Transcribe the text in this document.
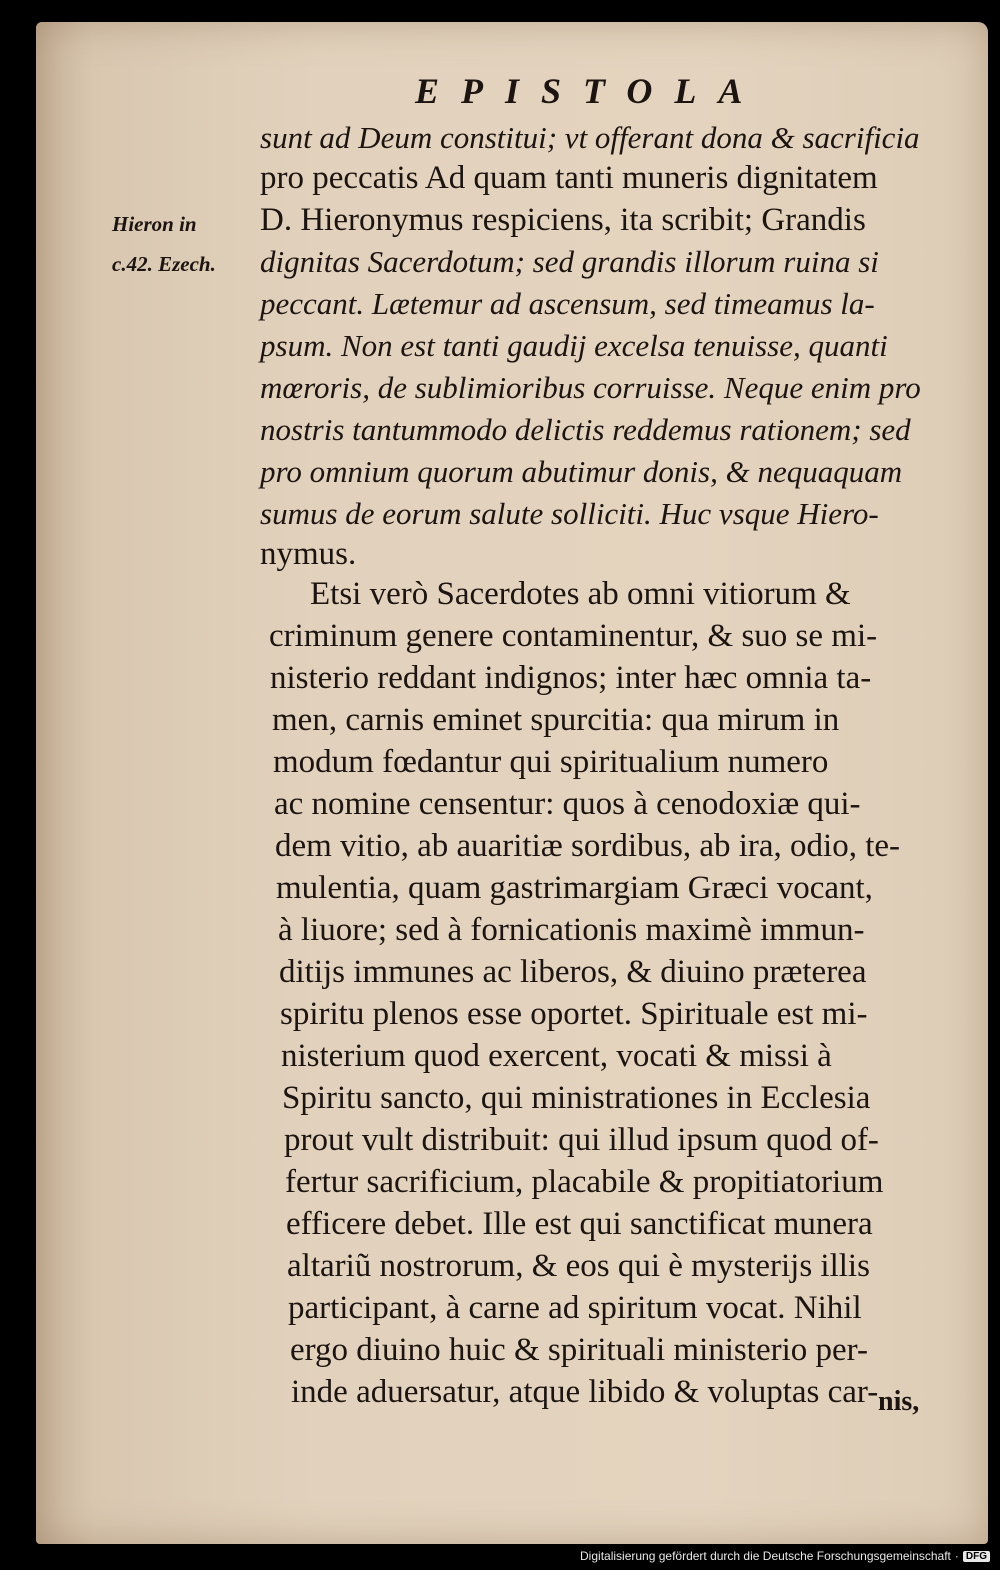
EPISTOLA
Hieron in
c.42. Ezech.
sunt ad Deum constitui; vt offerant dona & sacrificia
pro peccatis Ad quam tanti muneris dignitatem
D. Hieronymus respiciens, ita scribit; Grandis
dignitas Sacerdotum; sed grandis illorum ruina si
peccant. Lætemur ad ascensum, sed timeamus la-
psum. Non est tanti gaudij excelsa tenuisse, quanti
mœroris, de sublimioribus corruisse. Neque enim pro
nostris tantummodo delictis reddemus rationem; sed
pro omnium quorum abutimur donis, & nequaquam
sumus de eorum salute solliciti. Huc vsque Hiero-
nymus.
Etsi verò Sacerdotes ab omni vitiorum &
criminum genere contaminentur, & suo se mi-
nisterio reddant indignos; inter hæc omnia ta-
men, carnis eminet spurcitia: qua mirum in
modum fœdantur qui spiritualium numero
ac nomine censentur: quos à cenodoxiæ qui-
dem vitio, ab auaritiæ sordibus, ab ira, odio, te-
mulentia, quam gastrimargiam Græci vocant,
à liuore; sed à fornicationis maximè immun-
ditijs immunes ac liberos, & diuino præterea
spiritu plenos esse oportet. Spirituale est mi-
nisterium quod exercent, vocati & missi à
Spiritu sancto, qui ministrationes in Ecclesia
prout vult distribuit: qui illud ipsum quod of-
fertur sacrificium, placabile & propitiatorium
efficere debet. Ille est qui sanctificat munera
altariũ nostrorum, & eos qui è mysterijs illis
participant, à carne ad spiritum vocat. Nihil
ergo diuino huic & spirituali ministerio per-
inde aduersatur, atque libido & voluptas car- nis,
Digitalisierung gefördert durch die Deutsche Forschungsgemeinschaft · DFG
